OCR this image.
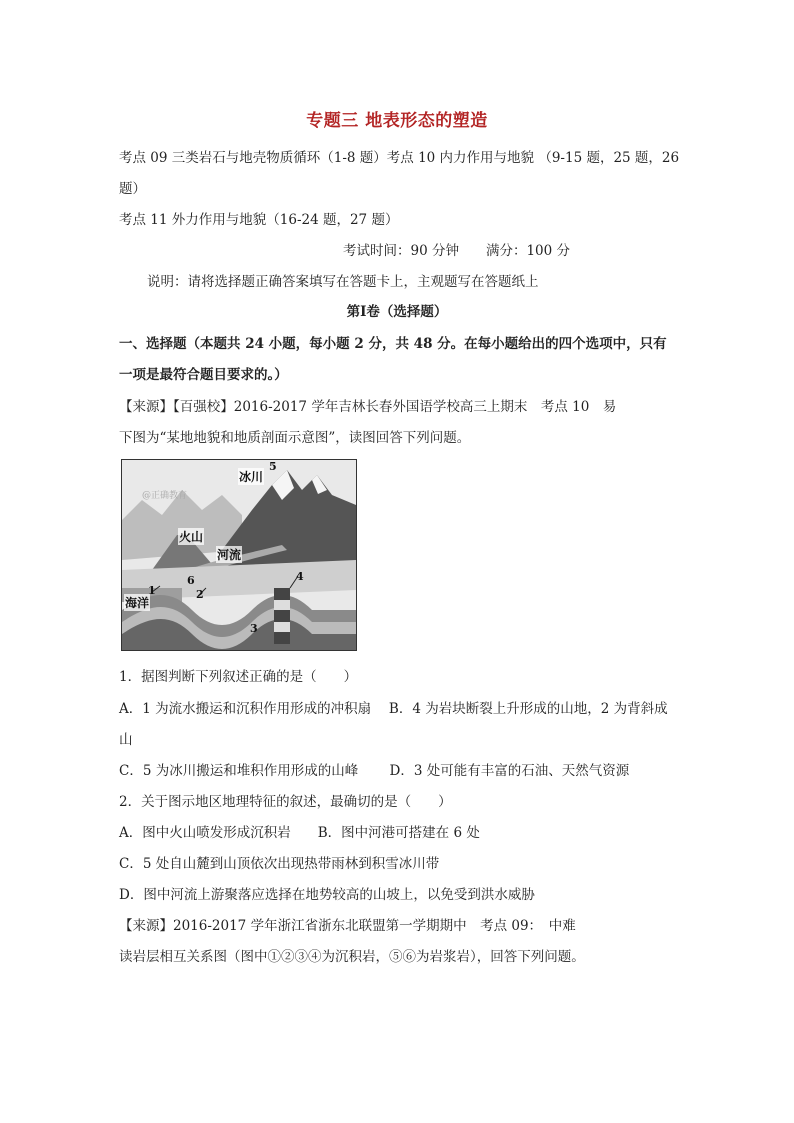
专题三 地表形态的塑造
考点 09 三类岩石与地壳物质循环（1-8 题）考点 10 内力作用与地貌 （9-15 题，25 题，26
题）
考点 11 外力作用与地貌（16-24 题，27 题）
考试时间：90 分钟　　满分：100 分
说明：请将选择题正确答案填写在答题卡上，主观题写在答题纸上
第Ⅰ卷（选择题）
一、选择题（本题共 24 小题，每小题 2 分，共 48 分。在每小题给出的四个选项中，只有
一项是最符合题目要求的。）
【来源】【百强校】2016-2017 学年吉林长春外国语学校高三上期末　考点 10　易
下图为“某地地貌和地质剖面示意图”，读图回答下列问题。
@正确教育
冰川
火山
河流
海洋
1	2
3
4
5
6
1．据图判断下列叙述正确的是（　　）
A．1 为流水搬运和沉积作用形成的冲积扇　 B．4 为岩块断裂上升形成的山地，2 为背斜成
山
C．5 为冰川搬运和堆积作用形成的山峰　　 D．3 处可能有丰富的石油、天然气资源
2．关于图示地区地理特征的叙述，最确切的是（　　）
A．图中火山喷发形成沉积岩　　B．图中河港可搭建在 6 处
C．5 处自山麓到山顶依次出现热带雨林到积雪冰川带
D．图中河流上游聚落应选择在地势较高的山坡上，以免受到洪水威胁
【来源】2016-2017 学年浙江省浙东北联盟第一学期期中　考点 09：　中难
读岩层相互关系图（图中①②③④为沉积岩，⑤⑥为岩浆岩），回答下列问题。
